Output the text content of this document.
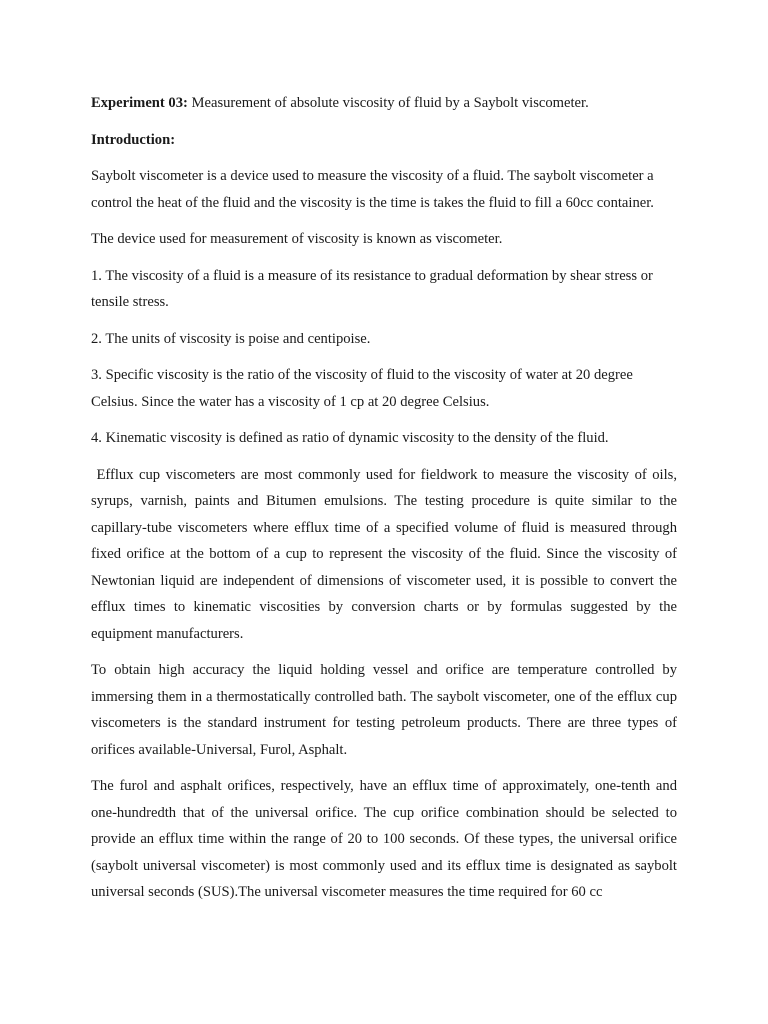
Experiment 03: Measurement of absolute viscosity of fluid by a Saybolt viscometer.

Introduction:

Saybolt viscometer is a device used to measure the viscosity of a fluid. The saybolt viscometer a control the heat of the fluid and the viscosity is the time is takes the fluid to fill a 60cc container.

The device used for measurement of viscosity is known as viscometer.

1. The viscosity of a fluid is a measure of its resistance to gradual deformation by shear stress or tensile stress.

2. The units of viscosity is poise and centipoise.

3. Specific viscosity is the ratio of the viscosity of fluid to the viscosity of water at 20 degree Celsius. Since the water has a viscosity of 1 cp at 20 degree Celsius.

4. Kinematic viscosity is defined as ratio of dynamic viscosity to the density of the fluid.

Efflux cup viscometers are most commonly used for fieldwork to measure the viscosity of oils, syrups, varnish, paints and Bitumen emulsions. The testing procedure is quite similar to the capillary-tube viscometers where efflux time of a specified volume of fluid is measured through fixed orifice at the bottom of a cup to represent the viscosity of the fluid. Since the viscosity of Newtonian liquid are independent of dimensions of viscometer used, it is possible to convert the efflux times to kinematic viscosities by conversion charts or by formulas suggested by the equipment manufacturers.

To obtain high accuracy the liquid holding vessel and orifice are temperature controlled by immersing them in a thermostatically controlled bath. The saybolt viscometer, one of the efflux cup viscometers is the standard instrument for testing petroleum products. There are three types of orifices available-Universal, Furol, Asphalt.

The furol and asphalt orifices, respectively, have an efflux time of approximately, one-tenth and one-hundredth that of the universal orifice. The cup orifice combination should be selected to provide an efflux time within the range of 20 to 100 seconds. Of these types, the universal orifice (saybolt universal viscometer) is most commonly used and its efflux time is designated as saybolt universal seconds (SUS).The universal viscometer measures the time required for 60 cc
